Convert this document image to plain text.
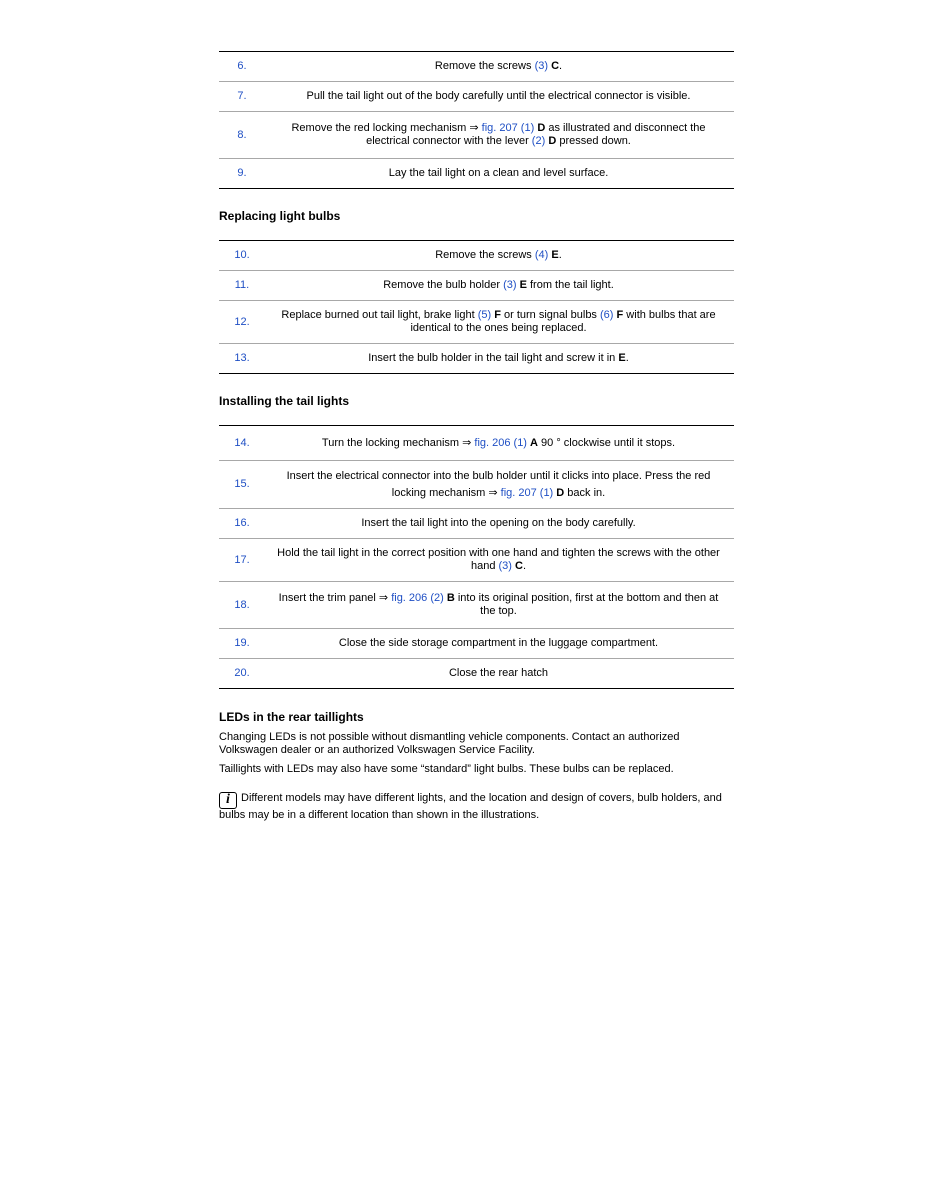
6.	Remove the screws (3) C.
7.	Pull the tail light out of the body carefully until the electrical connector is visible.
8.	Remove the red locking mechanism ⇒ fig. 207 (1) D as illustrated and disconnect the electrical connector with the lever (2) D pressed down.
9.	Lay the tail light on a clean and level surface.

Replacing light bulbs

10.	Remove the screws (4) E.
11.	Remove the bulb holder (3) E from the tail light.
12.	Replace burned out tail light, brake light (5) F or turn signal bulbs (6) F with bulbs that are identical to the ones being replaced.
13.	Insert the bulb holder in the tail light and screw it in E.

Installing the tail lights

14.	Turn the locking mechanism ⇒ fig. 206 (1) A 90 ° clockwise until it stops.
15.	Insert the electrical connector into the bulb holder until it clicks into place. Press the red locking mechanism ⇒ fig. 207 (1) D back in.
16.	Insert the tail light into the opening on the body carefully.
17.	Hold the tail light in the correct position with one hand and tighten the screws with the other hand (3) C.
18.	Insert the trim panel ⇒ fig. 206 (2) B into its original position, first at the bottom and then at the top.
19.	Close the side storage compartment in the luggage compartment.
20.	Close the rear hatch

LEDs in the rear taillights

Changing LEDs is not possible without dismantling vehicle components. Contact an authorized Volkswagen dealer or an authorized Volkswagen Service Facility.

Taillights with LEDs may also have some “standard” light bulbs. These bulbs can be replaced.

i Different models may have different lights, and the location and design of covers, bulb holders, and bulbs may be in a different location than shown in the illustrations.
